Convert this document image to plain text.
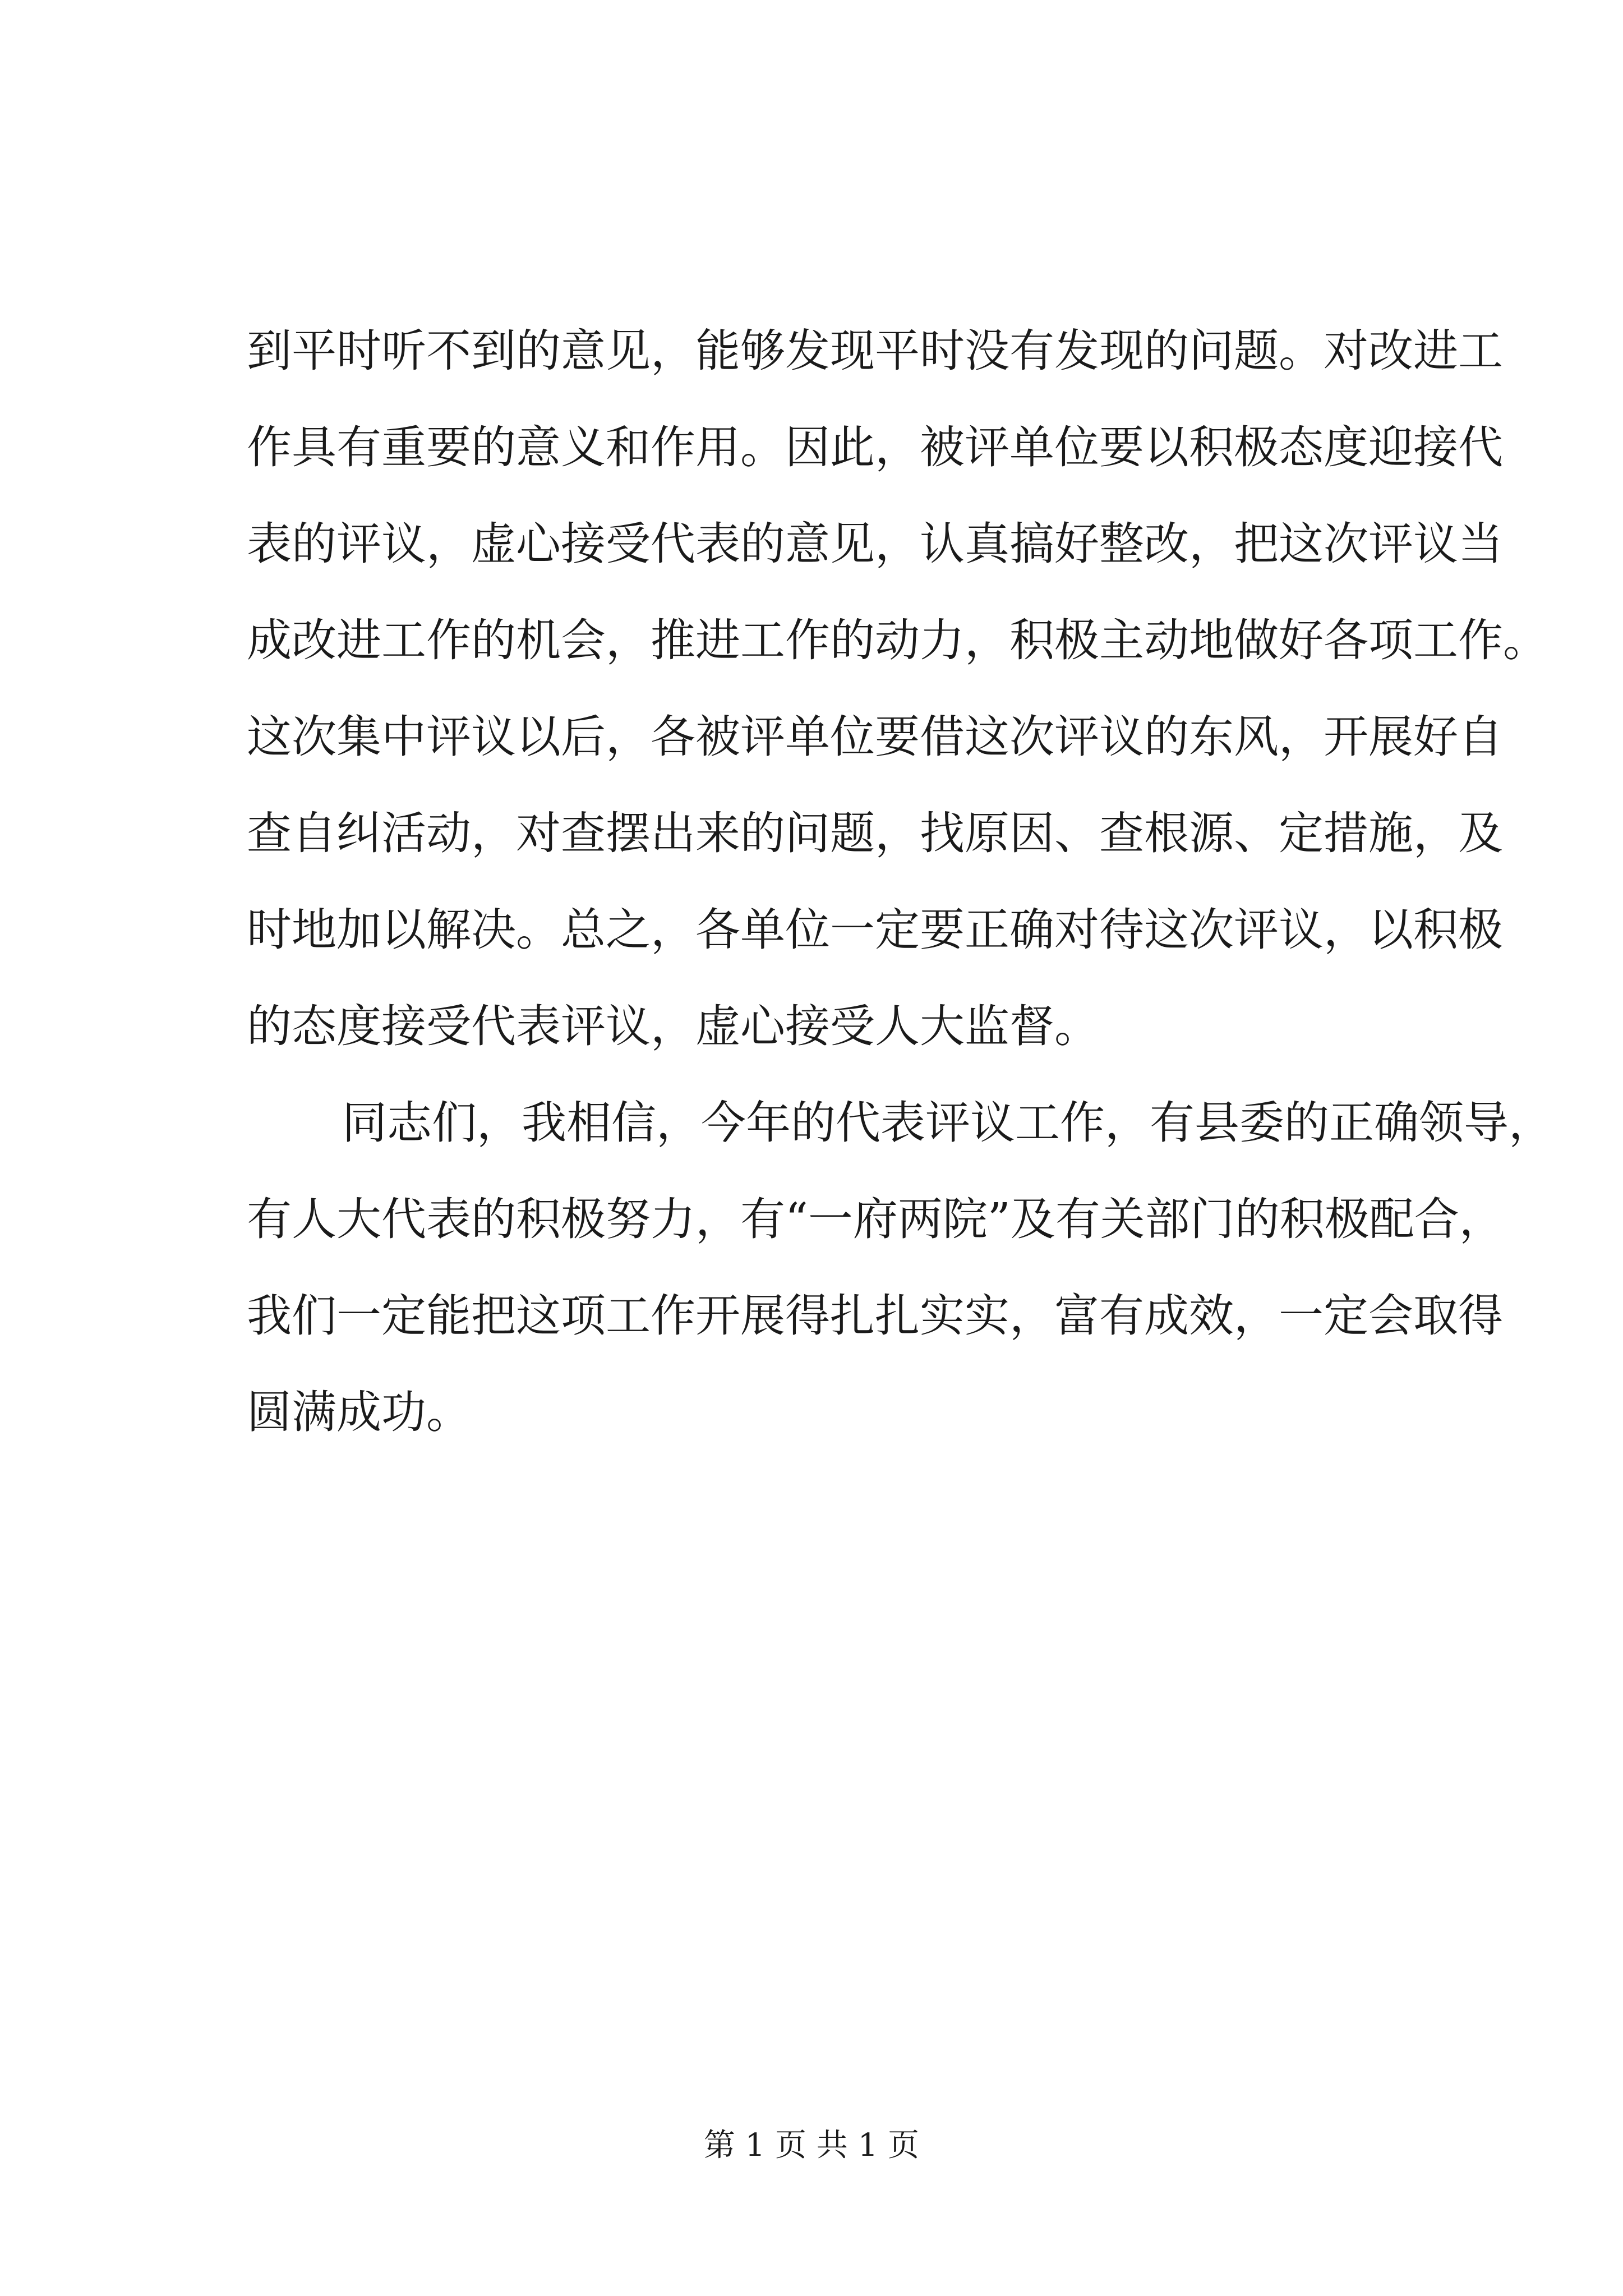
到平时听不到的意见，能够发现平时没有发现的问题。对改进工
作具有重要的意义和作用。因此，被评单位要以积极态度迎接代
表的评议，虚心接受代表的意见，认真搞好整改，把这次评议当
成改进工作的机会，推进工作的动力，积极主动地做好各项工作。
这次集中评议以后，各被评单位要借这次评议的东风，开展好自
查自纠活动，对查摆出来的问题，找原因、查根源、定措施，及
时地加以解决。总之，各单位一定要正确对待这次评议，以积极
的态度接受代表评议，虚心接受人大监督。
同志们，我相信，今年的代表评议工作，有县委的正确领导，
有人大代表的积极努力，有“一府两院”及有关部门的积极配合，
我们一定能把这项工作开展得扎扎实实，富有成效，一定会取得
圆满成功。
第 1 页 共 1 页
